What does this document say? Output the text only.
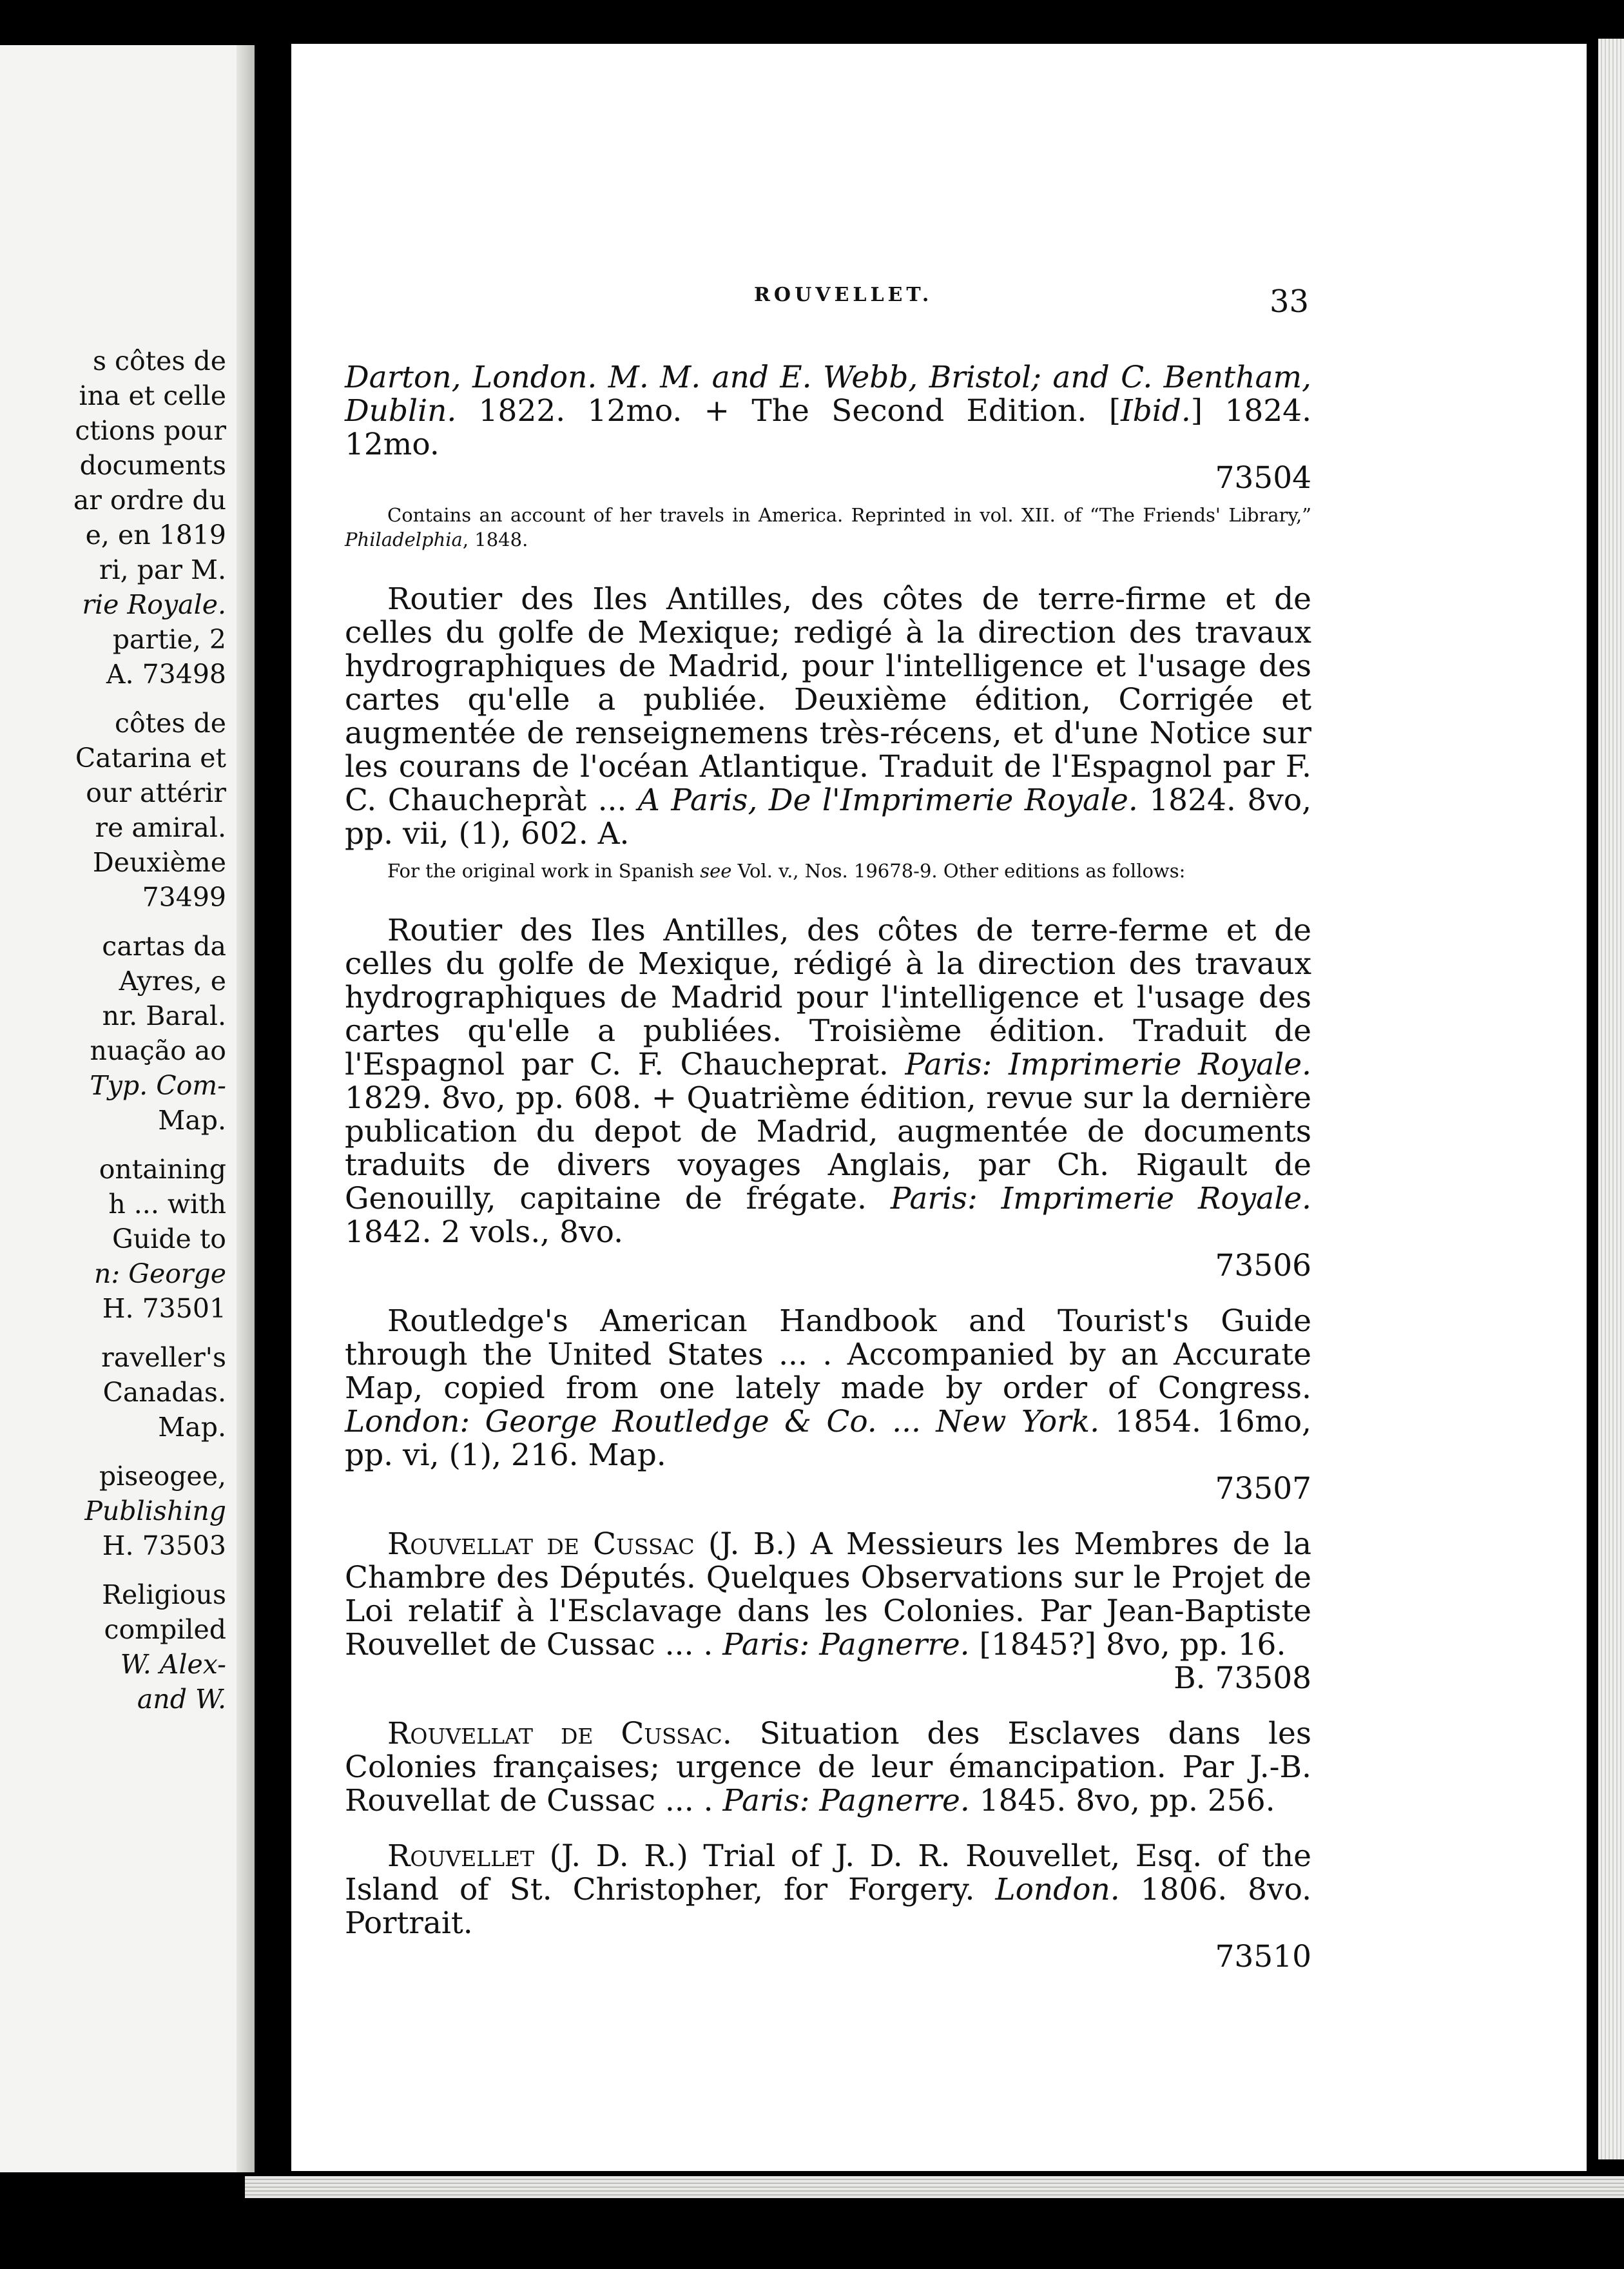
s côtes de
ina et celle
ctions pour
documents
ar ordre du
e, en 1819
ri, par M.
rie Royale.
partie, 2
A. 73498
côtes de
Catarina et
our attérir
re amiral.
Deuxième
73499
cartas da
Ayres, e
nr. Baral.
nuação ao
Typ. Com-
Map.
ontaining
h ... with
Guide to
n: George
H. 73501
raveller's
Canadas.
Map.
piseogee,
Publishing
H. 73503
Religious
compiled
W. Alex-
and W.
ROUVELLET.	33
Darton, London. M. M. and E. Webb, Bristol; and C. Bentham, Dublin. 1822. 12mo. + The Second Edition. [Ibid.] 1824. 12mo.
73504
Contains an account of her travels in America. Reprinted in vol. XII. of “The Friends' Library,” Philadelphia, 1848.
Routier des Iles Antilles, des côtes de terre-firme et de celles du golfe de Mexique; redigé à la direction des travaux hydrographiques de Madrid, pour l'intelligence et l'usage des cartes qu'elle a publiée. Deuxième édition, Corrigée et augmentée de renseignemens très-récens, et d'une Notice sur les courans de l'océan Atlantique. Traduit de l'Espagnol par F. C. Chauchepràt ... A Paris, De l'Imprimerie Royale. 1824. 8vo, pp. vii, (1), 602. A.
For the original work in Spanish see Vol. v., Nos. 19678-9. Other editions as follows:
Routier des Iles Antilles, des côtes de terre-ferme et de celles du golfe de Mexique, rédigé à la direction des travaux hydrographiques de Madrid pour l'intelligence et l'usage des cartes qu'elle a publiées. Troisième édition. Traduit de l'Espagnol par C. F. Chaucheprat. Paris: Imprimerie Royale. 1829. 8vo, pp. 608. + Quatrième édition, revue sur la dernière publication du depot de Madrid, augmentée de documents traduits de divers voyages Anglais, par Ch. Rigault de Genouilly, capitaine de frégate. Paris: Imprimerie Royale. 1842. 2 vols., 8vo.
73506
Routledge's American Handbook and Tourist's Guide through the United States ... . Accompanied by an Accurate Map, copied from one lately made by order of Congress. London: George Routledge & Co. ... New York. 1854. 16mo, pp. vi, (1), 216. Map.
73507
Rouvellat de Cussac (J. B.) A Messieurs les Membres de la Chambre des Députés. Quelques Observations sur le Projet de Loi relatif à l'Esclavage dans les Colonies. Par Jean-Baptiste Rouvellet de Cussac ... . Paris: Pagnerre. [1845?] 8vo, pp. 16.
B. 73508
Rouvellat de Cussac. Situation des Esclaves dans les Colonies françaises; urgence de leur émancipation. Par J.-B. Rouvellat de Cussac ... . Paris: Pagnerre. 1845. 8vo, pp. 256.
Rouvellet (J. D. R.) Trial of J. D. R. Rouvellet, Esq. of the Island of St. Christopher, for Forgery. London. 1806. 8vo. Portrait.
73510
